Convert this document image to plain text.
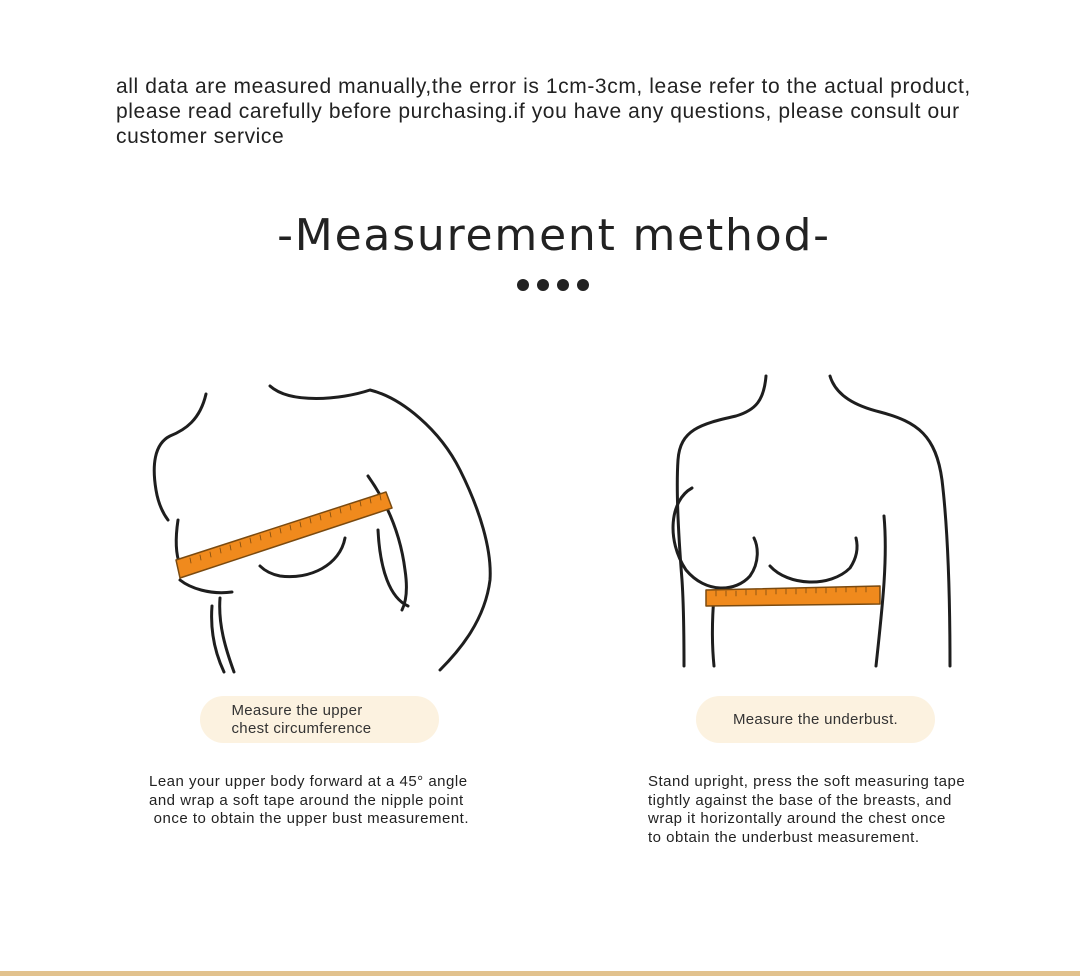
all data are measured manually,the error is 1cm-3cm, lease refer to the actual product,
please read carefully before purchasing.if you have any questions, please consult our
customer service
-Measurement method-
Measure the upper
chest circumference
Measure the underbust.
Lean your upper body forward at a 45° angle
and wrap a soft tape around the nipple point
once to obtain the upper bust measurement.
Stand upright, press the soft measuring tape
tightly against the base of the breasts, and
wrap it horizontally around the chest once
to obtain the underbust measurement.
